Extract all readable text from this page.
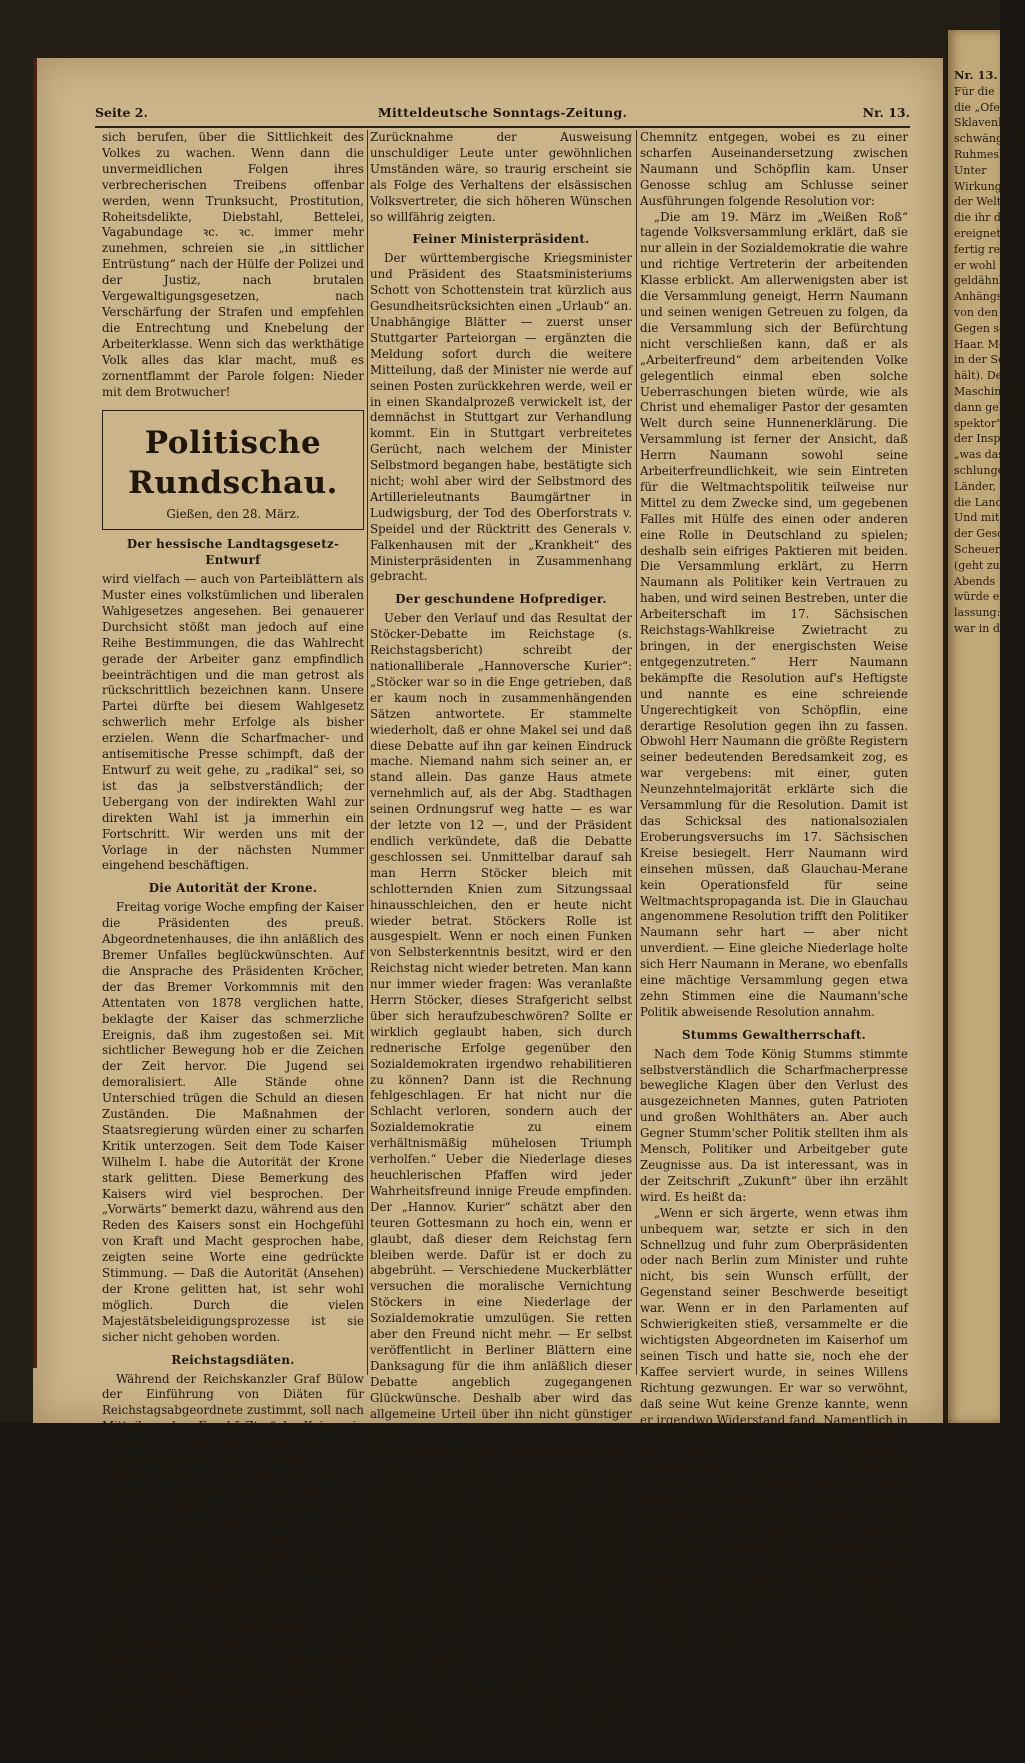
Nr. 13.
Für die
die „Ofen
Sklavenhalt
schwänglich
Ruhmesbl
Unter
Wirkungen
der Weltw
die ihr d
ereignete: I
fertig repa
er wohl ho
geldähnlich
Anhängsel
von den Ei
Gegen sein
Haar. Mos
in der Sch
hält). Der
Maschinerie
dann gehab
spektor“.
der Inspek
„was das ö
schlungen, u
Länder, w
die Lands
Und mit de
der Geschi
Scheuer, l
(geht zum
Abends
würde er
lassung: D
war in d
Seite 2.	Mitteldeutsche Sonntags-Zeitung.	Nr. 13.

sich berufen, über die Sittlichkeit des Volkes zu wachen. Wenn dann die unvermeidlichen Folgen ihres verbrecherischen Treibens offenbar werden, wenn Trunksucht, Prostitution, Roheitsdelikte, Diebstahl, Bettelei, Vagabundage ꝛc. ꝛc. immer mehr zunehmen, schreien sie „in sittlicher Entrüstung“ nach der Hülfe der Polizei und der Justiz, nach brutalen Vergewaltigungsgesetzen, nach Verschärfung der Strafen und empfehlen die Entrechtung und Knebelung der Arbeiterklasse. Wenn sich das werkthätige Volk alles das klar macht, muß es zornentflammt der Parole folgen: Nieder mit dem Brotwucher!

Politische Rundschau.
Gießen, den 28. März.
Der hessische Landtagsgesetz-Entwurf

wird vielfach — auch von Parteiblättern als Muster eines volkstümlichen und liberalen Wahlgesetzes angesehen. Bei genauerer Durchsicht stößt man jedoch auf eine Reihe Bestimmungen, die das Wahlrecht gerade der Arbeiter ganz empfindlich beeinträchtigen und die man getrost als rückschrittlich bezeichnen kann. Unsere Partei dürfte bei diesem Wahlgesetz schwerlich mehr Erfolge als bisher erzielen. Wenn die Scharfmacher- und antisemitische Presse schimpft, daß der Entwurf zu weit gehe, zu „radikal“ sei, so ist das ja selbstverständlich; der Uebergang von der indirekten Wahl zur direkten Wahl ist ja immerhin ein Fortschritt. Wir werden uns mit der Vorlage in der nächsten Nummer eingehend beschäftigen.

Die Autorität der Krone.

Freitag vorige Woche empfing der Kaiser die Präsidenten des preuß. Abgeordnetenhauses, die ihn anläßlich des Bremer Unfalles beglückwünschten. Auf die Ansprache des Präsidenten Kröcher, der das Bremer Vorkommnis mit den Attentaten von 1878 verglichen hatte, beklagte der Kaiser das schmerzliche Ereignis, daß ihm zugestoßen sei. Mit sichtlicher Bewegung hob er die Zeichen der Zeit hervor. Die Jugend sei demoralisiert. Alle Stände ohne Unterschied trügen die Schuld an diesen Zuständen. Die Maßnahmen der Staatsregierung würden einer zu scharfen Kritik unterzogen. Seit dem Tode Kaiser Wilhelm I. habe die Autorität der Krone stark gelitten. Diese Bemerkung des Kaisers wird viel besprochen. Der „Vorwärts“ bemerkt dazu, während aus den Reden des Kaisers sonst ein Hochgefühl von Kraft und Macht gesprochen habe, zeigten seine Worte eine gedrückte Stimmung. — Daß die Autorität (Ansehen) der Krone gelitten hat, ist sehr wohl möglich. Durch die vielen Majestätsbeleidigungsprozesse ist sie sicher nicht gehoben worden.

Reichstagsdiäten.

Während der Reichskanzler Graf Bülow der Einführung von Diäten für Reichstagsabgeordnete zustimmt, soll nach Mitteilung der „Frankf. Ztg.“ der Kaiser ein Gegner davon sein, wenigstens wenn nicht „Kompensationen“ dafür eintreten. Mit anderen Worten: man sieht sich genötigt, Diäten zu gewähren, will aber dafür dem Volke das Wahlrecht verkümmern. Sache der Sozialdemokratie wird es sein, reaktionäre Vorstöße dieser Art zu vereiteln; sie ist die einzige Partei, die gegen Schmälerung der Volksrechte entschieden ankämpft.

Lohn für treue Dienste.

Für den Wiederaufbau der Hohkönigsburg bewilligte bereits vor dem Reichstag der elsässische Landesausschuß einen entsprechenden Kredit. Wenige Tage darauf erschien eine Verfügung, laut welcher die Ausweisungsordre gegen 657 Personen in Elsaß-Lothringen auf Grund des Diktaturparagraphen, zurückgenommen wurde. So erfreulich die

Zurücknahme der Ausweisung unschuldiger Leute unter gewöhnlichen Umständen wäre, so traurig erscheint sie als Folge des Verhaltens der elsässischen Volksvertreter, die sich höheren Wünschen so willfährig zeigten.

Feiner Ministerpräsident.

Der württembergische Kriegsminister und Präsident des Staatsministeriums Schott von Schottenstein trat kürzlich aus Gesundheitsrücksichten einen „Urlaub“ an. Unabhängige Blätter — zuerst unser Stuttgarter Parteiorgan — ergänzten die Meldung sofort durch die weitere Mitteilung, daß der Minister nie werde auf seinen Posten zurückkehren werde, weil er in einen Skandalprozeß verwickelt ist, der demnächst in Stuttgart zur Verhandlung kommt. Ein in Stuttgart verbreitetes Gerücht, nach welchem der Minister Selbstmord begangen habe, bestätigte sich nicht; wohl aber wird der Selbstmord des Artillerieleutnants Baumgärtner in Ludwigsburg, der Tod des Oberforstrats v. Speidel und der Rücktritt des Generals v. Falkenhausen mit der „Krankheit“ des Ministerpräsidenten in Zusammenhang gebracht.

Der geschundene Hofprediger.

Ueber den Verlauf und das Resultat der Stöcker-Debatte im Reichstage (s. Reichstagsbericht) schreibt der nationalliberale „Hannoversche Kurier“: „Stöcker war so in die Enge getrieben, daß er kaum noch in zusammenhängenden Sätzen antwortete. Er stammelte wiederholt, daß er ohne Makel sei und daß diese Debatte auf ihn gar keinen Eindruck mache. Niemand nahm sich seiner an, er stand allein. Das ganze Haus atmete vernehmlich auf, als der Abg. Stadthagen seinen Ordnungsruf weg hatte — es war der letzte von 12 —, und der Präsident endlich verkündete, daß die Debatte geschlossen sei. Unmittelbar darauf sah man Herrn Stöcker bleich mit schlotternden Knien zum Sitzungssaal hinausschleichen, den er heute nicht wieder betrat. Stöckers Rolle ist ausgespielt. Wenn er noch einen Funken von Selbsterkenntnis besitzt, wird er den Reichstag nicht wieder betreten. Man kann nur immer wieder fragen: Was veranlaßte Herrn Stöcker, dieses Strafgericht selbst über sich heraufzubeschwören? Sollte er wirklich geglaubt haben, sich durch rednerische Erfolge gegenüber den Sozialdemokraten irgendwo rehabilitieren zu können? Dann ist die Rechnung fehlgeschlagen. Er hat nicht nur die Schlacht verloren, sondern auch der Sozialdemokratie zu einem verhältnismäßig mühelosen Triumph verholfen.“ Ueber die Niederlage dieses heuchlerischen Pfaffen wird jeder Wahrheitsfreund innige Freude empfinden. Der „Hannov. Kurier“ schätzt aber den teuren Gottesmann zu hoch ein, wenn er glaubt, daß dieser dem Reichstag fern bleiben werde. Dafür ist er doch zu abgebrüht. — Verschiedene Muckerblätter versuchen die moralische Vernichtung Stöckers in eine Niederlage der Sozialdemokratie umzulügen. Sie retten aber den Freund nicht mehr. — Er selbst veröffentlicht in Berliner Blättern eine Danksagung für die ihm anläßlich dieser Debatte angeblich zugegangenen Glückwünsche. Deshalb aber wird das allgemeine Urteil über ihn nicht günstiger lauten.

Die „Ablösung“ der Sozialdemokratie

erklären bekanntlich die Nationalsozialen in lächerlicher Großsprecherei für ihre Aufgabe. In dieser Richtung gaben sie sich seit Jahren die redlichste Mühe, man kann aber nicht sagen, daß sie schon weit damit gekommen wären. Im Gegenteil griff im Laufe der Zeit die „Ablösung“ in ihren eigenen Reihen in höchst bedenklicher Weise um sich. Trotzdem unternahm der Pfarrer Naumann kürzlich einen derartigen „Ablösungsversuch“ im Wahlkreise des Genossen Auer, im 17. sächs. Kreise Glauchau-Merane. Der Vorstoß Naumanns verunglückte aber vollkommen. In einer überfüllten Versammlung in Glauchau entwickelte er das nationalsoziale „Programm“. In der Diskussion trat ihm Genosse Schöpflin

Chemnitz entgegen, wobei es zu einer scharfen Auseinandersetzung zwischen Naumann und Schöpflin kam. Unser Genosse schlug am Schlusse seiner Ausführungen folgende Resolution vor:

„Die am 19. März im „Weißen Roß“ tagende Volksversammlung erklärt, daß sie nur allein in der Sozialdemokratie die wahre und richtige Vertreterin der arbeitenden Klasse erblickt. Am allerwenigsten aber ist die Versammlung geneigt, Herrn Naumann und seinen wenigen Getreuen zu folgen, da die Versammlung sich der Befürchtung nicht verschließen kann, daß er als „Arbeiterfreund“ dem arbeitenden Volke gelegentlich einmal eben solche Ueberraschungen bieten würde, wie als Christ und ehemaliger Pastor der gesamten Welt durch seine Hunnenerklärung. Die Versammlung ist ferner der Ansicht, daß Herrn Naumann sowohl seine Arbeiterfreundlichkeit, wie sein Eintreten für die Weltmachtspolitik teilweise nur Mittel zu dem Zwecke sind, um gegebenen Falles mit Hülfe des einen oder anderen eine Rolle in Deutschland zu spielen; deshalb sein eifriges Paktieren mit beiden. Die Versammlung erklärt, zu Herrn Naumann als Politiker kein Vertrauen zu haben, und wird seinen Bestreben, unter die Arbeiterschaft im 17. Sächsischen Reichstags-Wahlkreise Zwietracht zu bringen, in der energischsten Weise entgegenzutreten.“ Herr Naumann bekämpfte die Resolution auf's Heftigste und nannte es eine schreiende Ungerechtigkeit von Schöpflin, eine derartige Resolution gegen ihn zu fassen. Obwohl Herr Naumann die größte Registern seiner bedeutenden Beredsamkeit zog, es war vergebens: mit einer, guten Neunzehntelmajorität erklärte sich die Versammlung für die Resolution. Damit ist das Schicksal des nationalsozialen Eroberungsversuchs im 17. Sächsischen Kreise besiegelt. Herr Naumann wird einsehen müssen, daß Glauchau-Merane kein Operationsfeld für seine Weltmachtspropaganda ist. Die in Glauchau angenommene Resolution trifft den Politiker Naumann sehr hart — aber nicht unverdient. — Eine gleiche Niederlage holte sich Herr Naumann in Merane, wo ebenfalls eine mächtige Versammlung gegen etwa zehn Stimmen eine die Naumann'sche Politik abweisende Resolution annahm.

Stumms Gewaltherrschaft.

Nach dem Tode König Stumms stimmte selbstverständlich die Scharfmacherpresse bewegliche Klagen über den Verlust des ausgezeichneten Mannes, guten Patrioten und großen Wohlthäters an. Aber auch Gegner Stumm'scher Politik stellten ihm als Mensch, Politiker und Arbeitgeber gute Zeugnisse aus. Da ist interessant, was in der Zeitschrift „Zukunft“ über ihn erzählt wird. Es heißt da:

„Wenn er sich ärgerte, wenn etwas ihm unbequem war, setzte er sich in den Schnellzug und fuhr zum Oberpräsidenten oder nach Berlin zum Minister und ruhte nicht, bis sein Wunsch erfüllt, der Gegenstand seiner Beschwerde beseitigt war. Wenn er in den Parlamenten auf Schwierigkeiten stieß, versammelte er die wichtigsten Abgeordneten im Kaiserhof um seinen Tisch und hatte sie, noch ehe der Kaffee serviert wurde, in seines Willens Richtung gezwungen. Er war so verwöhnt, daß seine Wut keine Grenze kannte, wenn er irgendwo Widerstand fand. Namentlich in den letzten Jahren war er, in dessen Familie zwei Fälle psychischer Erkrankung vorgekommen waren, hypernervös geworden. Sein Selbstbewußtsein nahm krankhafte Formen an. Er wähnte sich zum Reichsretter geboren. Die Brutalität seiner Rede steigerte sich, im Verkehr mit minder Mächtigen versagten die Hemmungen und schlotternd sahen seine journalistischen Dienstboten ihn nahen. „Welcher Ochse hat denn diesen Artikel geschrieben?“ „Welches Rindvieh hat die Notiz in die Zeitung gebracht?“ So wetterte er und schimpfte von früh bis spät.“
